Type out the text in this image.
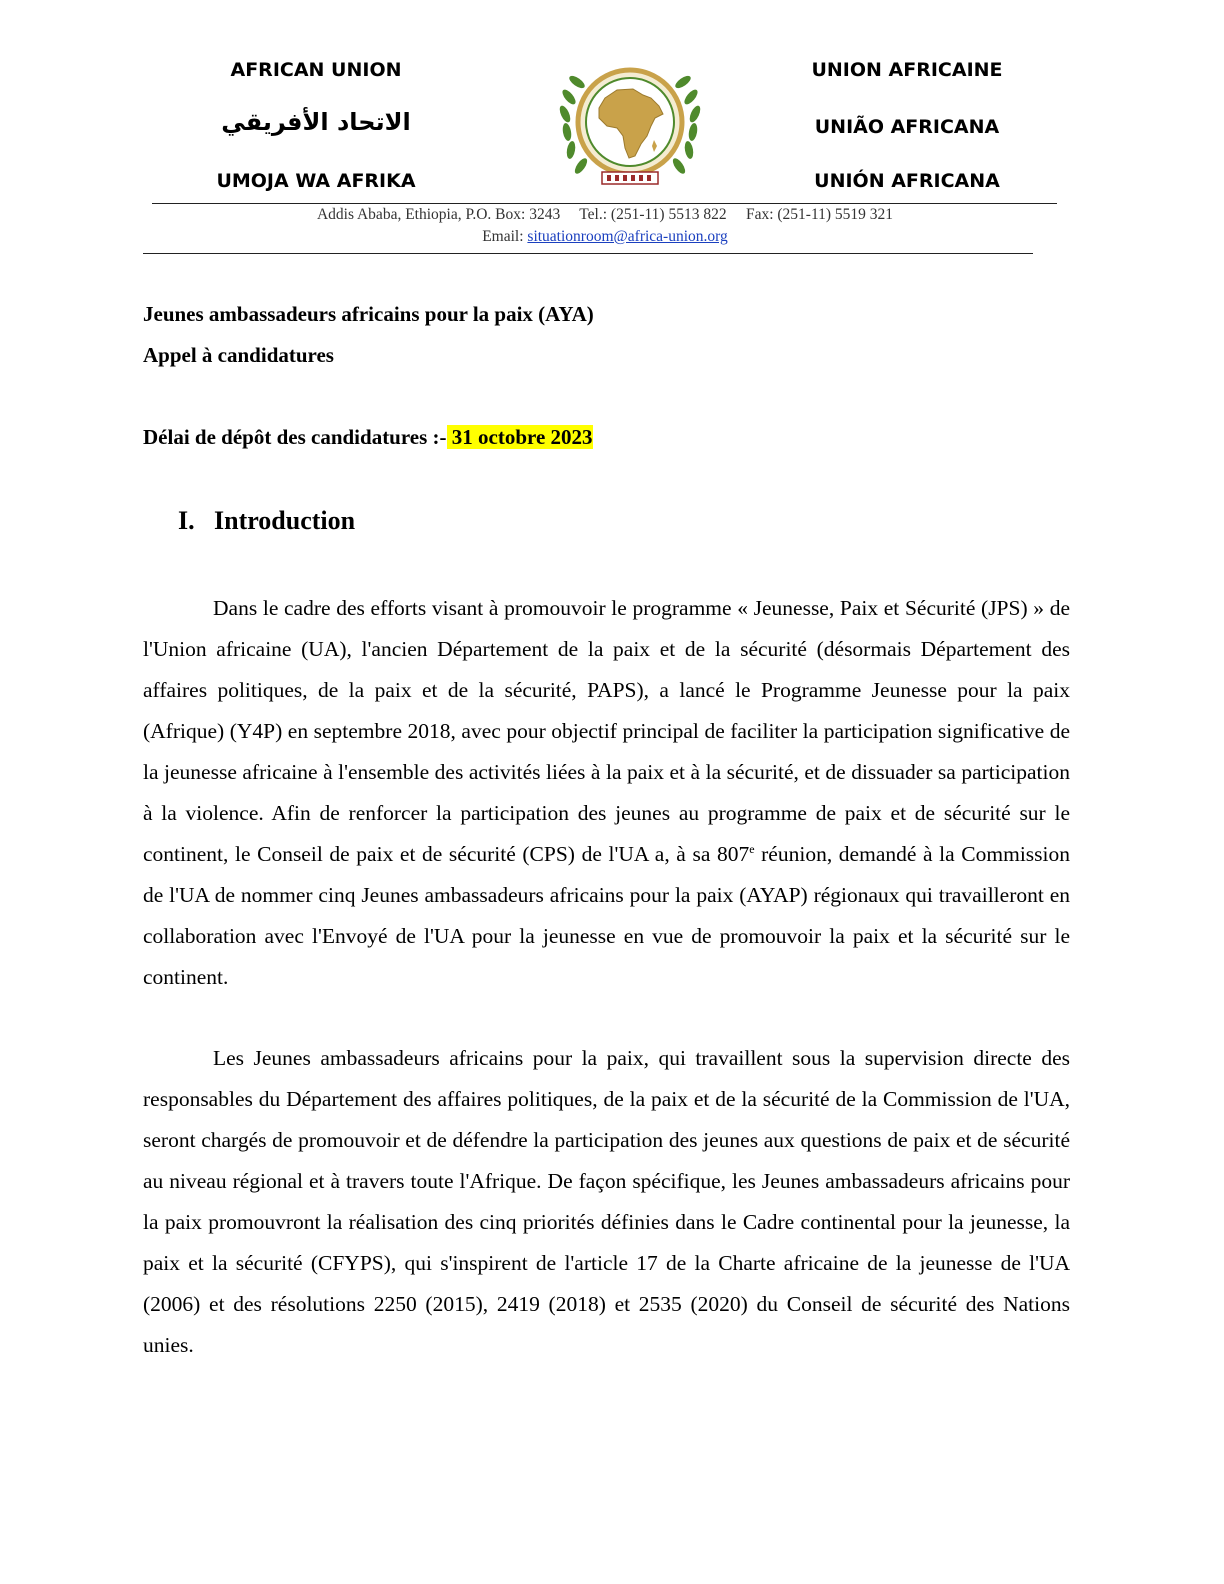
AFRICAN UNION
الاتحاد الأفريقي
UMOJA WA AFRIKA
UNION AFRICAINE
UNIÃO AFRICANA
UNIÓN AFRICANA
Addis Ababa, Ethiopia, P.O. Box: 3243     Tel.: (251-11) 5513 822     Fax: (251-11) 5519 321
Email: situationroom@africa-union.org
Jeunes ambassadeurs africains pour la paix (AYA)
Appel à candidatures
Délai de dépôt des candidatures :- 31 octobre 2023
I. Introduction

Dans le cadre des efforts visant à promouvoir le programme « Jeunesse, Paix et Sécurité (JPS) » de l'Union africaine (UA), l'ancien Département de la paix et de la sécurité (désormais Département des affaires politiques, de la paix et de la sécurité, PAPS), a lancé le Programme Jeunesse pour la paix (Afrique) (Y4P) en septembre 2018, avec pour objectif principal de faciliter la participation significative de la jeunesse africaine à l'ensemble des activités liées à la paix et à la sécurité, et de dissuader sa participation à la violence. Afin de renforcer la participation des jeunes au programme de paix et de sécurité sur le continent, le Conseil de paix et de sécurité (CPS) de l'UA a, à sa 807e réunion, demandé à la Commission de l'UA de nommer cinq Jeunes ambassadeurs africains pour la paix (AYAP) régionaux qui travailleront en collaboration avec l'Envoyé de l'UA pour la jeunesse en vue de promouvoir la paix et la sécurité sur le continent.

Les Jeunes ambassadeurs africains pour la paix, qui travaillent sous la supervision directe des responsables du Département des affaires politiques, de la paix et de la sécurité de la Commission de l'UA, seront chargés de promouvoir et de défendre la participation des jeunes aux questions de paix et de sécurité au niveau régional et à travers toute l'Afrique. De façon spécifique, les Jeunes ambassadeurs africains pour la paix promouvront la réalisation des cinq priorités définies dans le Cadre continental pour la jeunesse, la paix et la sécurité (CFYPS), qui s'inspirent de l'article 17 de la Charte africaine de la jeunesse de l'UA (2006) et des résolutions 2250 (2015), 2419 (2018) et 2535 (2020) du Conseil de sécurité des Nations unies.
